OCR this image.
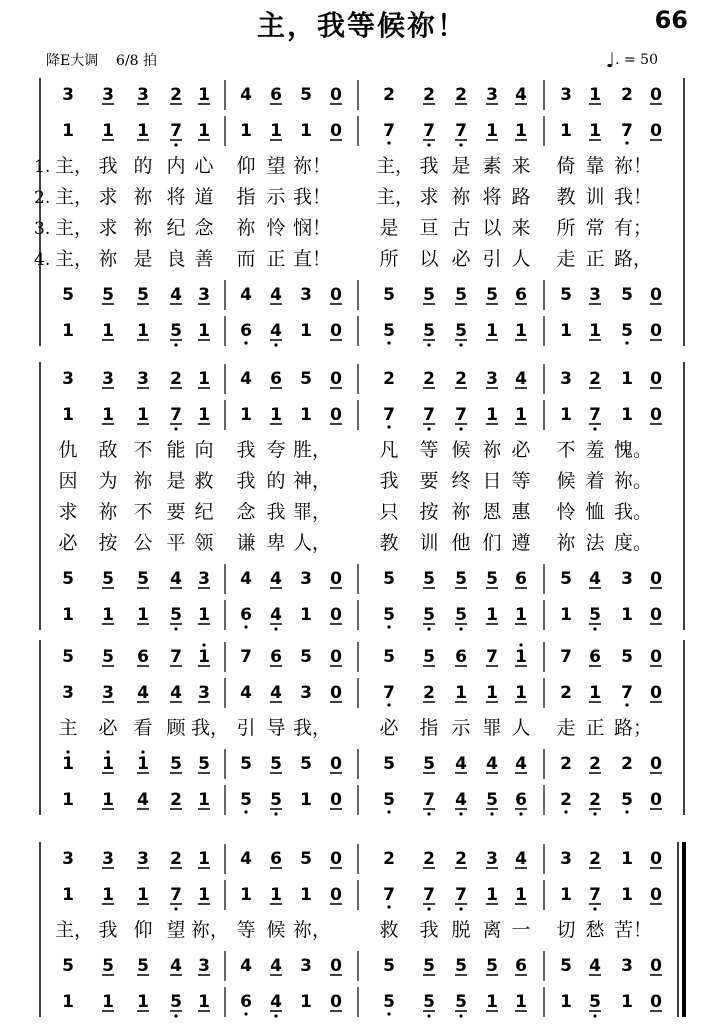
主，我等候祢！	66
降E大调 6/8 拍	♩. = 50
3 3 3 2 1 4 6 5 0 2 2 2 3 4 3 1 2 0
1 1 1 7 1 1 1 1 0 7 7 7 1 1 1 1 7 0
1. 主， 我 的 内 心 仰 望 祢！ 主， 我 是 素 来 倚 靠 祢！
2. 主， 求 祢 将 道 指 示 我！ 主， 求 祢 将 路 教 训 我！
3. 主， 求 祢 纪 念 祢 怜 悯！	是 亘 古 以 来 所 常 有；
4. 主， 祢 是 良 善 而 正 直！	所 以 必 引 人 走 正 路，
5 5 5 4 3 4 4 3 0 5 5 5 5 6 5 3 5 0
1 1 1 5 1 6 4 1 0 5 5 5 1 1 1 1 5 0
3 3 3 2 1 4 6 5 0 2 2 2 3 4 3 2 1 0
1 1 1 7 1 1 1 1 0 7 7 7 1 1 1 7 1 0
仇 敌 不 能 向 我 夸 胜，	凡 等 候 祢 必 不 羞 愧。
因 为 祢 是 救 我 的 神，	我 要 终 日 等 候 着 祢。
求 祢 不 要 纪 念 我 罪，	只 按 祢 恩 惠 怜 恤 我。
必 按 公 平 领 谦 卑 人，	教 训 他 们 遵 祢 法 度。
5 5 5 4 3 4 4 3 0 5 5 5 5 6 5 4 3 0
1 1 1 5 1 6 4 1 0 5 5 5 1 1 1 5 1 0
5 5 6 7 1 7 6 5 0 5 5 6 7 1 7 6 5 0
3 3 4 4 3 4 4 3 0 7 2 1 1 1 2 1 7 0
主 必 看 顾 我， 引 导 我，	必 指 示 罪 人 走 正 路；
1 1 1 5 5 5 5 5 0 5 5 4 4 4 2 2 2 0
1 1 4 2 1 5 5 1 0 5 7 4 5 6 2 2 5 0
3 3 3 2 1 4 6 5 0 2 2 2 3 4 3 2 1 0
1 1 1 7 1 1 1 1 0 7 7 7 1 1 1 7 1 0
主， 我 仰 望 祢， 等 候 祢，	救 我 脱 离 一 切 愁 苦！
5 5 5 4 3 4 4 3 0 5 5 5 5 6 5 4 3 0
1 1 1 5 1 6 4 1 0 5 5 5 1 1 1 5 1 0
